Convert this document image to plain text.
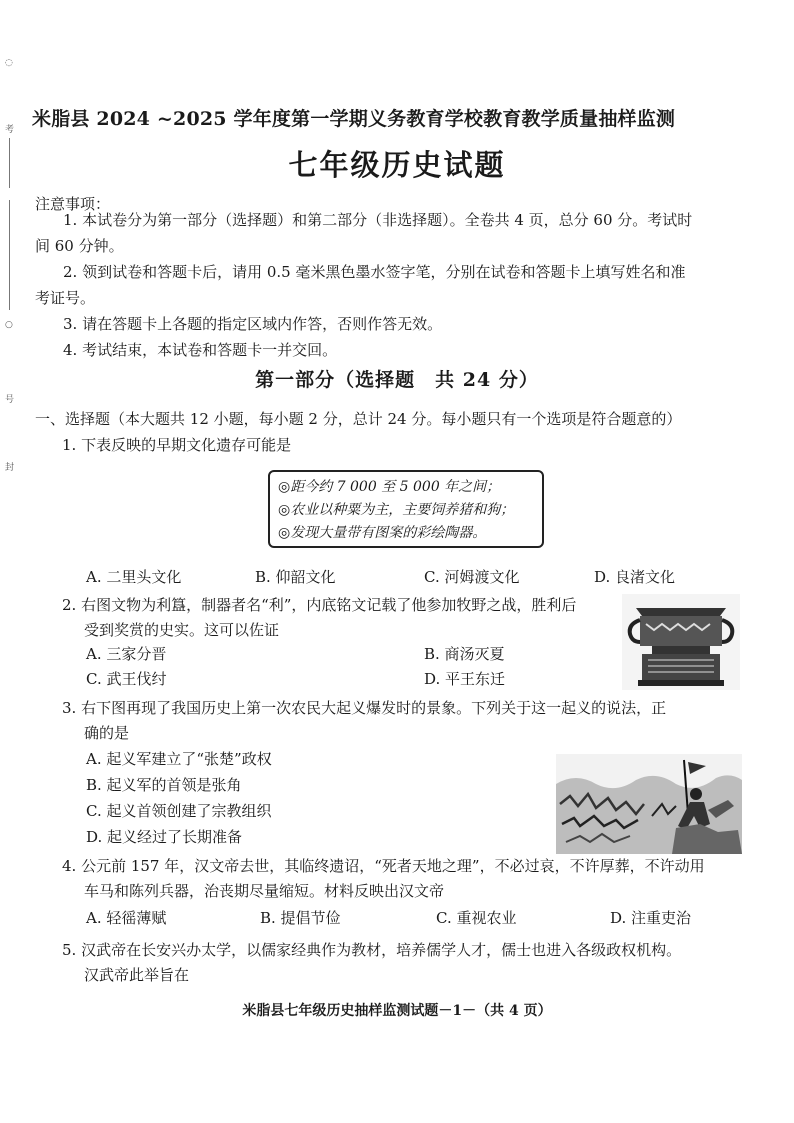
◌
考
○
号
封
米脂县 2024 ~2025 学年度第一学期义务教育学校教育教学质量抽样监测
七年级历史试题
注意事项：
1. 本试卷分为第一部分（选择题）和第二部分（非选择题）。全卷共 4 页，总分 60 分。考试时
间 60 分钟。
2. 领到试卷和答题卡后，请用 0.5 毫米黑色墨水签字笔，分别在试卷和答题卡上填写姓名和准
考证号。
3. 请在答题卡上各题的指定区域内作答，否则作答无效。
4. 考试结束，本试卷和答题卡一并交回。
第一部分（选择题　共 24 分）
一、选择题（本大题共 12 小题，每小题 2 分，总计 24 分。每小题只有一个选项是符合题意的）
1. 下表反映的早期文化遗存可能是
◎距今约 7 000 至 5 000 年之间；
◎农业以种粟为主，主要饲养猪和狗；
◎发现大量带有图案的彩绘陶器。
A. 二里头文化	B. 仰韶文化	C. 河姆渡文化	D. 良渚文化
2. 右图文物为利簋，制器者名“利”，内底铭文记载了他参加牧野之战，胜利后
受到奖赏的史实。这可以佐证
A. 三家分晋	B. 商汤灭夏
C. 武王伐纣	D. 平王东迁
3. 右下图再现了我国历史上第一次农民大起义爆发时的景象。下列关于这一起义的说法，正
确的是
A. 起义军建立了“张楚”政权
B. 起义军的首领是张角
C. 起义首领创建了宗教组织
D. 起义经过了长期准备
4. 公元前 157 年，汉文帝去世，其临终遗诏，“死者天地之理”，不必过哀，不许厚葬，不许动用
车马和陈列兵器，治丧期尽量缩短。材料反映出汉文帝
A. 轻徭薄赋	B. 提倡节俭	C. 重视农业	D. 注重吏治
5. 汉武帝在长安兴办太学，以儒家经典作为教材，培养儒学人才，儒士也进入各级政权机构。
汉武帝此举旨在
米脂县七年级历史抽样监测试题－1－（共 4 页）
